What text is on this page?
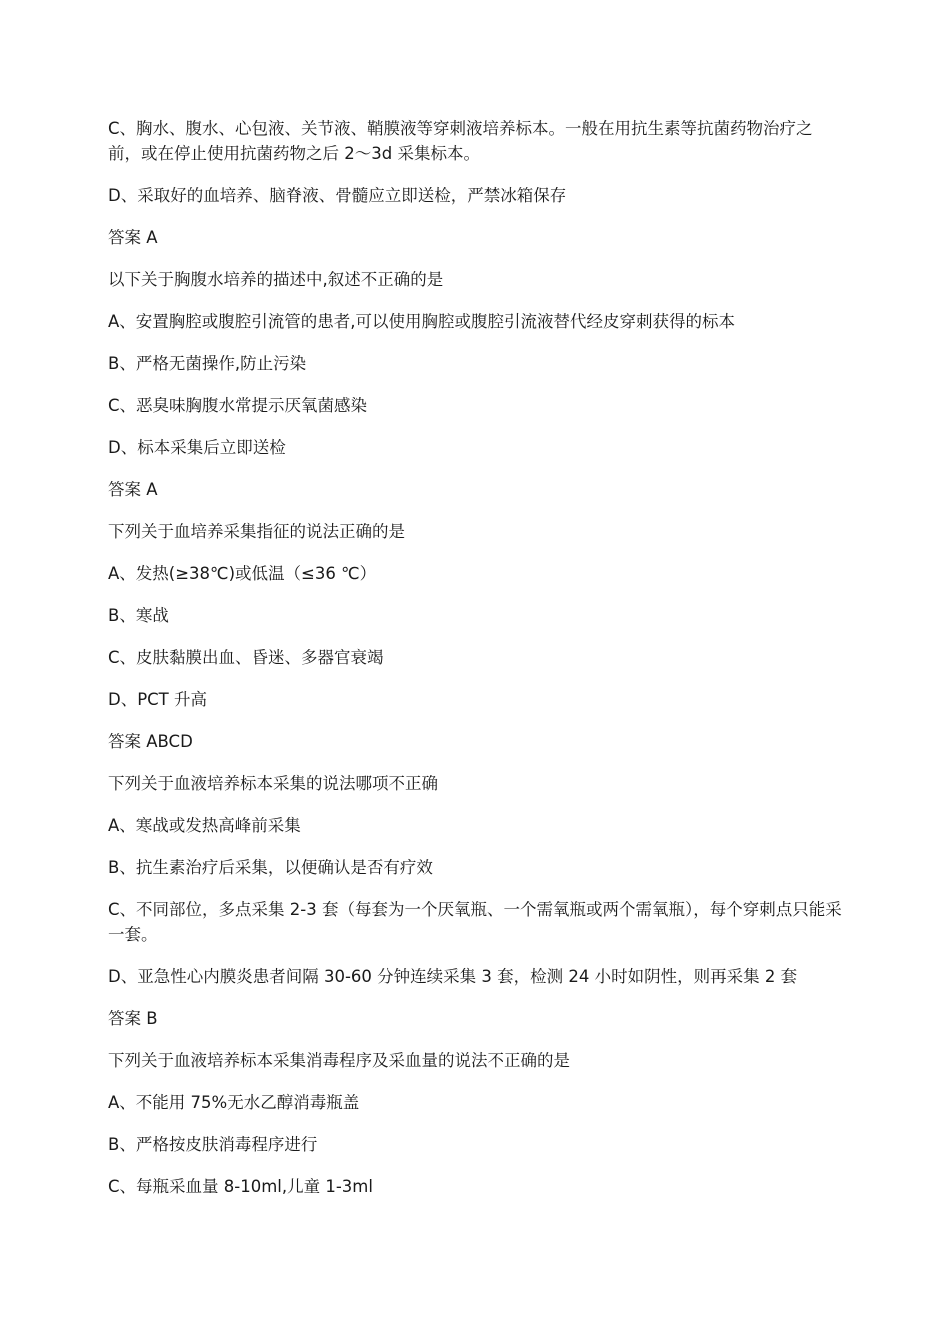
C、胸水、腹水、心包液、关节液、鞘膜液等穿刺液培养标本。一般在用抗生素等抗菌药物治疗之前，或在停止使用抗菌药物之后 2～3d 采集标本。

D、采取好的血培养、脑脊液、骨髓应立即送检，严禁冰箱保存

答案 A

以下关于胸腹水培养的描述中,叙述不正确的是

A、安置胸腔或腹腔引流管的患者,可以使用胸腔或腹腔引流液替代经皮穿刺获得的标本

B、严格无菌操作,防止污染

C、恶臭味胸腹水常提示厌氧菌感染

D、标本采集后立即送检

答案 A

下列关于血培养采集指征的说法正确的是

A、发热(≥38℃)或低温（≤36 ℃）

B、寒战

C、皮肤黏膜出血、昏迷、多器官衰竭

D、PCT 升高

答案 ABCD

下列关于血液培养标本采集的说法哪项不正确

A、寒战或发热高峰前采集

B、抗生素治疗后采集，以便确认是否有疗效

C、不同部位，多点采集 2-3 套（每套为一个厌氧瓶、一个需氧瓶或两个需氧瓶），每个穿刺点只能采一套。

D、亚急性心内膜炎患者间隔 30-60 分钟连续采集 3 套，检测 24 小时如阴性，则再采集 2 套

答案 B

下列关于血液培养标本采集消毒程序及采血量的说法不正确的是

A、不能用 75%无水乙醇消毒瓶盖

B、严格按皮肤消毒程序进行

C、每瓶采血量 8-10ml,儿童 1-3ml
